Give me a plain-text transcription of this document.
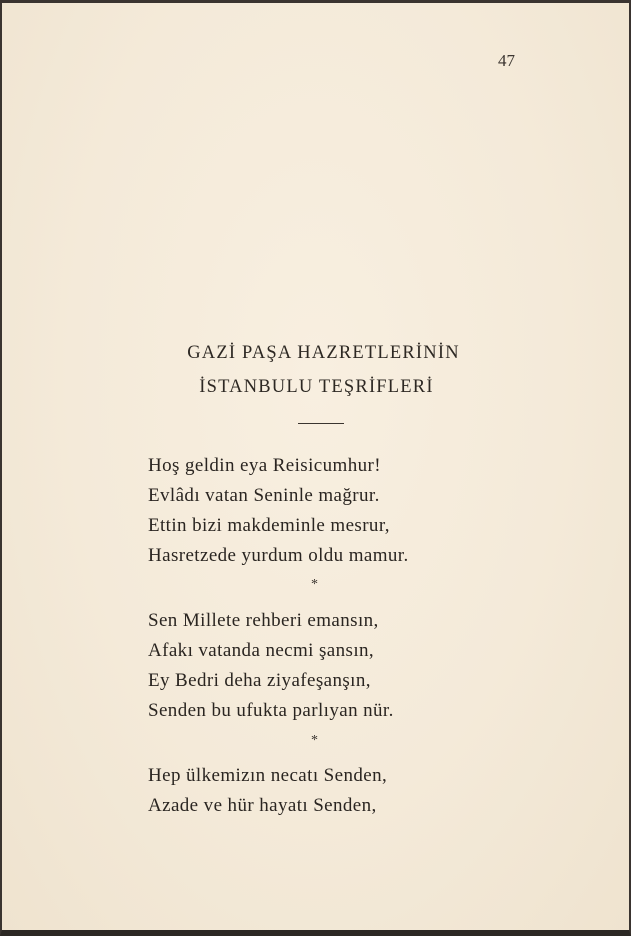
47
GAZİ PAŞA HAZRETLERİNİN
İSTANBULU TEŞRİFLERİ
Hoş geldin eya Reisicumhur!
Evlâdı vatan Seninle mağrur.
Ettin bizi makdeminle mesrur,
Hasretzede yurdum oldu mamur.
*
Sen Millete rehberi emansın,
Afakı vatanda necmi şansın,
Ey Bedri deha ziyafeşanşın,
Senden bu ufukta parlıyan nür.
*
Hep ülkemizın necatı Senden,
Azade ve hür hayatı Senden,
